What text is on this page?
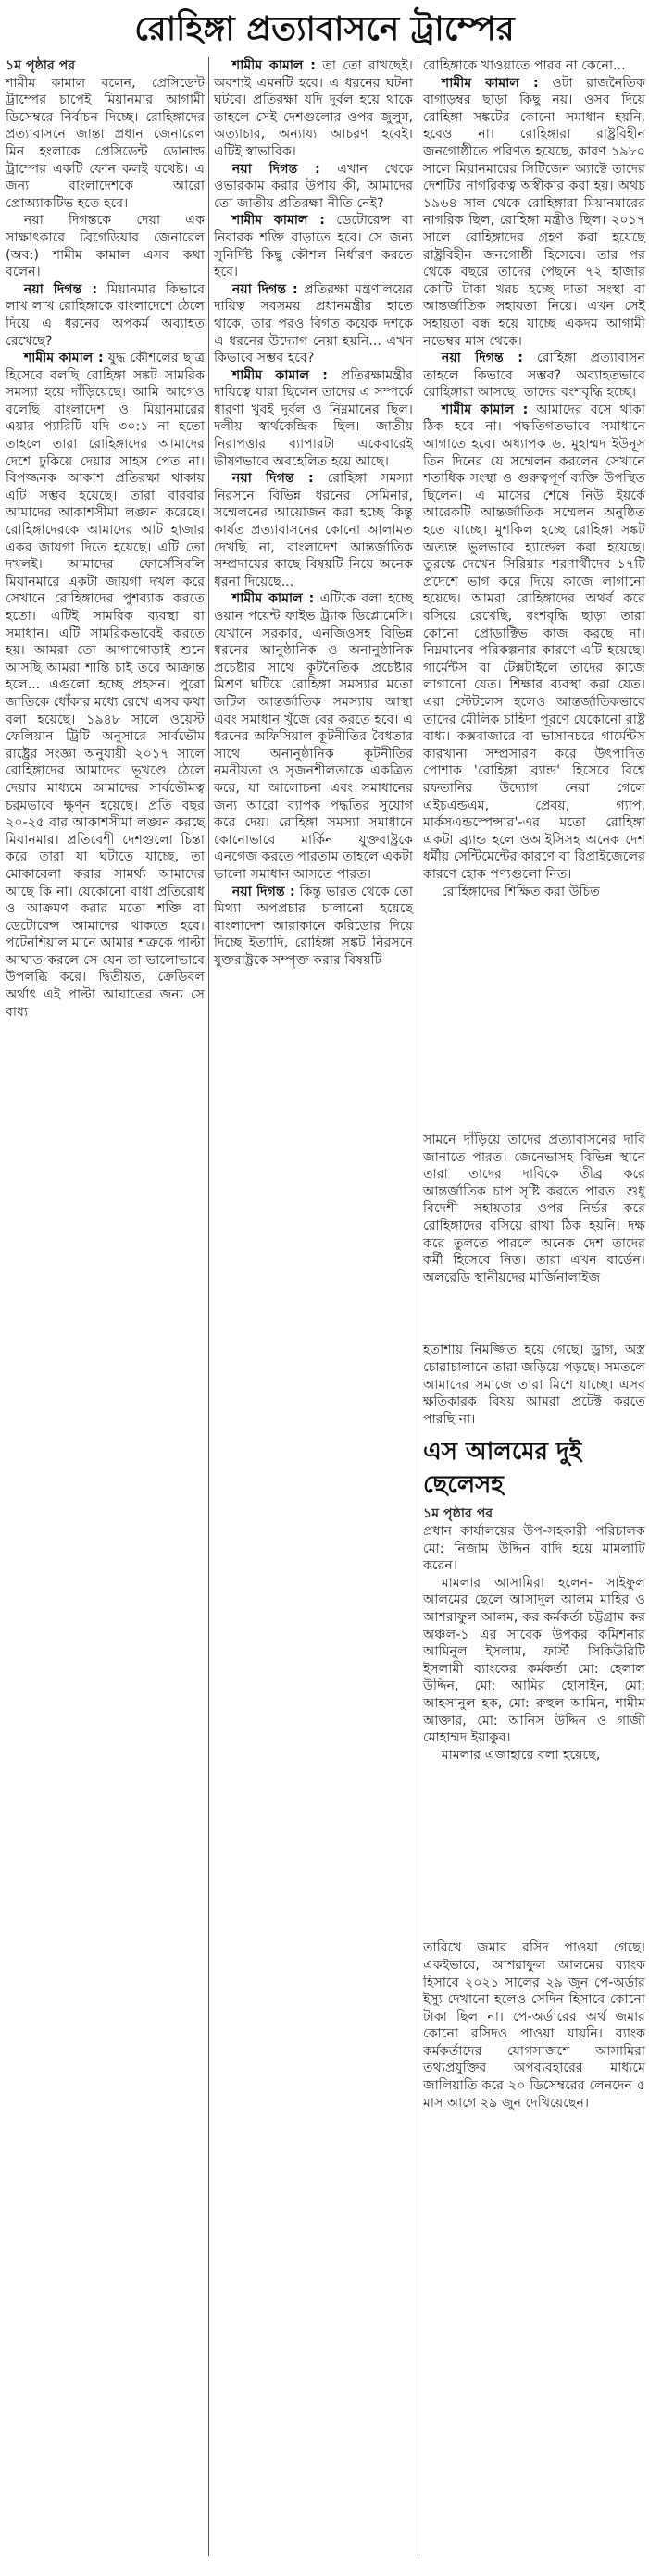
রোহিঙ্গা প্রত্যাবাসনে ট্রাম্পের

১ম পৃষ্ঠার পর

শামীম কামাল বলেন, প্রেসিডেন্ট ট্রাম্পের চাপেই মিয়ানমার আগামী ডিসেম্বরে নির্বাচন দিচ্ছে। রোহিঙ্গাদের প্রত্যাবাসনে জান্তা প্রধান জেনারেল মিন হংলাকে প্রেসিডেন্ট ডোনাল্ড ট্রাম্পের একটি ফোন কলই যথেষ্ট। এ জন্য বাংলাদেশকে আরো প্রোঅ্যাকটিভ হতে হবে।

নয়া দিগন্তকে দেয়া এক সাক্ষাৎকারে ব্রিগেডিয়ার জেনারেল (অব:) শামীম কামাল এসব কথা বলেন।

নয়া দিগন্ত : মিয়ানমার কিভাবে লাখ লাখ রোহিঙ্গাকে বাংলাদেশে ঠেলে দিয়ে এ ধরনের অপকর্ম অব্যাহত রেখেছে?

শামীম কামাল : যুদ্ধ কৌশলের ছাত্র হিসেবে বলছি রোহিঙ্গা সঙ্কট সামরিক সমস্যা হয়ে দাঁড়িয়েছে। আমি আগেও বলেছি বাংলাদেশ ও মিয়ানমারের এয়ার প্যারিটি যদি ৩০:১ না হতো তাহলে তারা রোহিঙ্গাদের আমাদের দেশে ঢুকিয়ে দেয়ার সাহস পেত না। বিপজ্জনক আকাশ প্রতিরক্ষা থাকায় এটি সম্ভব হয়েছে। তারা বারবার আমাদের আকাশসীমা লঙ্ঘন করেছে। রোহিঙ্গাদেরকে আমাদের আট হাজার একর জায়গা দিতে হয়েছে। এটি তো দখলই। আমাদের ফোর্সেসিবলি মিয়ানমারে একটা জায়গা দখল করে সেখানে রোহিঙ্গাদের পুশব্যাক করতে হতো। এটিই সামরিক ব্যবস্থা বা সমাধান। এটি সামরিকভাবেই করতে হয়। আমরা তো আগাগোড়াই শুনে আসছি আমরা শান্তি চাই তবে আক্রান্ত হলে... এগুলো হচ্ছে প্রহসন। পুরো জাতিকে ধোঁকার মধ্যে রেখে এসব কথা বলা হয়েছে। ১৯৪৮ সালে ওয়েস্ট ফেলিয়ান ট্রিটি অনুসারে সার্বভৌম রাষ্ট্রের সংজ্ঞা অনুযায়ী ২০১৭ সালে রোহিঙ্গাদের আমাদের ভূখণ্ডে ঠেলে দেয়ার মাধ্যমে আমাদের সার্বভৌমত্ব চরমভাবে ক্ষুণ্ন হয়েছে। প্রতি বছর ২০-২৫ বার আকাশসীমা লঙ্ঘন করছে মিয়ানমার। প্রতিবেশী দেশগুলো চিন্তা করে তারা যা ঘটাতে যাচ্ছে, তা মোকাবেলা করার সামর্থ্য আমাদের আছে কি না। যেকোনো বাধা প্রতিরোধ ও আক্রমণ করার মতো শক্তি বা ডেটোরেন্স আমাদের থাকতে হবে। পটেনশিয়াল মানে আমার শত্রুকে পাল্টা আঘাত করলে সে যেন তা ভালোভাবে উপলব্ধি করে। দ্বিতীয়ত, ক্রেডিবল অর্থাৎ এই পাল্টা আঘাতের জন্য সে বাধ্য

শামীম কামাল : তা তো রাখছেই। অবশ্যই এমনটি হবে। এ ধরনের ঘটনা ঘটবে। প্রতিরক্ষা যদি দুর্বল হয়ে থাকে তাহলে সেই দেশগুলোর ওপর জুলুম, অত্যাচার, অন্যায্য আচরণ হবেই। এটিই স্বাভাবিক।

নয়া দিগন্ত : এখান থেকে ওভারকাম করার উপায় কী, আমাদের তো জাতীয় প্রতিরক্ষা নীতি নেই?

শামীম কামাল : ডেটোরেন্স বা নিবারক শক্তি বাড়াতে হবে। সে জন্য সুনির্দিষ্ট কিছু কৌশল নির্ধারণ করতে হবে।

নয়া দিগন্ত : প্রতিরক্ষা মন্ত্রণালয়ের দায়িত্ব সবসময় প্রধানমন্ত্রীর হাতে থাকে, তার পরও বিগত কয়েক দশকে এ ধরনের উদ্যোগ নেয়া হয়নি... এখন কিভাবে সম্ভব হবে?

শামীম কামাল : প্রতিরক্ষামন্ত্রীর দায়িত্বে যারা ছিলেন তাদের এ সম্পর্কে ধারণা খুবই দুর্বল ও নিম্নমানের ছিল। দলীয় স্বার্থকেন্দ্রিক ছিল। জাতীয় নিরাপত্তার ব্যাপারটা একেবারেই ভীষণভাবে অবহেলিত হয়ে আছে।

নয়া দিগন্ত : রোহিঙ্গা সমস্যা নিরসনে বিভিন্ন ধরনের সেমিনার, সম্মেলনের আয়োজন করা হচ্ছে কিন্তু কার্যত প্রত্যাবাসনের কোনো আলামত দেখছি না, বাংলাদেশ আন্তর্জাতিক সম্প্রদায়ের কাছে বিষয়টি নিয়ে অনেক ধরনা দিয়েছে...

শামীম কামাল : এটিকে বলা হচ্ছে ওয়ান পয়েন্ট ফাইভ ট্র্যাক ডিপ্লোমেসি। যেখানে সরকার, এনজিওসহ বিভিন্ন ধরনের আনুষ্ঠানিক ও অনানুষ্ঠানিক প্রচেষ্টার সাথে কূটনৈতিক প্রচেষ্টার মিশ্রণ ঘটিয়ে রোহিঙ্গা সমস্যার মতো জটিল আন্তর্জাতিক সমস্যায় আস্থা এবং সমাধান খুঁজে বের করতে হবে। এ ধরনের অফিসিয়াল কূটনীতির বৈধতার সাথে অনানুষ্ঠানিক কূটনীতির নমনীয়তা ও সৃজনশীলতাকে একত্রিত করে, যা আলোচনা এবং সমাধানের জন্য আরো ব্যাপক পদ্ধতির সুযোগ করে দেয়। রোহিঙ্গা সমস্যা সমাধানে কোনোভাবে মার্কিন যুক্তরাষ্ট্রকে এনগেজ করতে পারতাম তাহলে একটা ভালো সমাধান আসতে পারত।

নয়া দিগন্ত : কিন্তু ভারত থেকে তো মিথ্যা অপপ্রচার চালানো হয়েছে বাংলাদেশ আরাকানে করিডোর দিয়ে দিচ্ছে ইত্যাদি, রোহিঙ্গা সঙ্কট নিরসনে যুক্তরাষ্ট্রকে সম্পৃক্ত করার বিষয়টি

রোহিঙ্গাকে খাওয়াতে পারব না কেনো...

শামীম কামাল : ওটা রাজনৈতিক বাগাড়ম্বর ছাড়া কিছু নয়। ওসব দিয়ে রোহিঙ্গা সঙ্কটের কোনো সমাধান হয়নি, হবেও না। রোহিঙ্গারা রাষ্ট্রবিহীন জনগোষ্ঠীতে পরিণত হয়েছে, কারণ ১৯৮০ সালে মিয়ানমারের সিটিজেন অ্যাক্টে তাদের দেশটির নাগরিকত্ব অস্বীকার করা হয়। অথচ ১৯৬৪ সাল থেকে রোহিঙ্গারা মিয়ানমারের নাগরিক ছিল, রোহিঙ্গা মন্ত্রীও ছিল। ২০১৭ সালে রোহিঙ্গাদের গ্রহণ করা হয়েছে রাষ্ট্রবিহীন জনগোষ্ঠী হিসেবে। তার পর থেকে বছরে তাদের পেছনে ৭২ হাজার কোটি টাকা খরচ হচ্ছে দাতা সংস্থা বা আন্তর্জাতিক সহায়তা নিয়ে। এখন সেই সহায়তা বন্ধ হয়ে যাচ্ছে একদম আগামী নভেম্বর মাস থেকে।

নয়া দিগন্ত : রোহিঙ্গা প্রত্যাবাসন তাহলে কিভাবে সম্ভব? অব্যাহতভাবে রোহিঙ্গারা আসছে। তাদের বংশবৃদ্ধি হচ্ছে।

শামীম কামাল : আমাদের বসে থাকা ঠিক হবে না। পদ্ধতিগতভাবে সমাধানে আগাতে হবে। অধ্যাপক ড. মুহাম্মদ ইউনূস তিন দিনের যে সম্মেলন করলেন সেখানে শতাধিক সংস্থা ও গুরুত্বপূর্ণ ব্যক্তি উপস্থিত ছিলেন। এ মাসের শেষে নিউ ইয়র্কে আরেকটি আন্তর্জাতিক সম্মেলন অনুষ্ঠিত হতে যাচ্ছে। মুশকিল হচ্ছে রোহিঙ্গা সঙ্কট অত্যন্ত ভুলভাবে হ্যান্ডেল করা হয়েছে। তুরস্কে দেখেন সিরিয়ার শরণার্থীদের ১৭টি প্রদেশে ভাগ করে দিয়ে কাজে লাগানো হয়েছে। আমরা রোহিঙ্গাদের অথর্ব করে বসিয়ে রেখেছি, বংশবৃদ্ধি ছাড়া তারা কোনো প্রোডাক্টিভ কাজ করছে না। নিম্নমানের পরিকল্পনার কারণে এটি হয়েছে। গার্মেন্টস বা টেক্সটাইলে তাদের কাজে লাগানো যেত। শিক্ষার ব্যবস্থা করা যেত। এরা স্টেটলেস হলেও আন্তর্জাতিকভাবে তাদের মৌলিক চাহিদা পূরণে যেকোনো রাষ্ট্র বাধ্য। কক্সবাজারে বা ভাসানচরে গার্মেন্টস কারখানা সম্প্রসারণ করে উৎপাদিত পোশাক 'রোহিঙ্গা ব্র্যান্ড' হিসেবে বিশ্বে রফতানির উদ্যোগ নেয়া গেলে এইচএন্ডএম, প্রেবয়, গ্যাপ, মার্কসএন্ডস্পেন্সার'-এর মতো রোহিঙ্গা একটা ব্র্যান্ড হলে ওআইসিসহ অনেক দেশ ধর্মীয় সেন্টিমেন্টের কারণে বা রিপ্রাইজেলের কারণে হোক পণ্যগুলো নিত।

রোহিঙ্গাদের শিক্ষিত করা উচিত

সামনে দাঁড়িয়ে তাদের প্রত্যাবাসনের দাবি জানাতে পারত। জেনেভাসহ বিভিন্ন স্থানে তারা তাদের দাবিকে তীব্র করে আন্তর্জাতিক চাপ সৃষ্টি করতে পারত। শুধু বিদেশী সহায়তার ওপর নির্ভর করে রোহিঙ্গাদের বসিয়ে রাখা ঠিক হয়নি। দক্ষ করে তুলতে পারলে অনেক দেশ তাদের কর্মী হিসেবে নিত। তারা এখন বার্ডেন। অলরেডি স্থানীয়দের মার্জিনালাইজ

হতাশায় নিমজ্জিত হয়ে গেছে। ড্রাগ, অস্ত্র চোরাচালানে তারা জড়িয়ে পড়ছে। সমতলে আমাদের সমাজে তারা মিশে যাচ্ছে। এসব ক্ষতিকারক বিষয় আমরা প্রটেক্ট করতে পারছি না।

এস আলমের দুই ছেলেসহ

১ম পৃষ্ঠার পর

প্রধান কার্যালয়ের উপ-সহকারী পরিচালক মো: নিজাম উদ্দিন বাদি হয়ে মামলাটি করেন।

মামলার আসামিরা হলেন- সাইফুল আলমের ছেলে আসাদুল আলম মাহির ও আশরাফুল আলম, কর কর্মকর্তা চট্টগ্রাম কর অঞ্চল-১ এর সাবেক উপকর কমিশনার আমিনুল ইসলাম, ফার্স্ট সিকিউরিটি ইসলামী ব্যাংকের কর্মকর্তা মো: হেলাল উদ্দিন, মো: আমির হোসাইন, মো: আহসানুল হক, মো: রুহুল আমিন, শামীম আক্তার, মো: আনিস উদ্দিন ও গাজী মোহাম্মদ ইয়াকুব।

মামলার এজাহারে বলা হয়েছে,

তারিখে জমার রসিদ পাওয়া গেছে। একইভাবে, আশরাফুল আলমের ব্যাংক হিসাবে ২০২১ সালের ২৯ জুন পে-অর্ডার ইস্যু দেখানো হলেও সেদিন হিসাবে কোনো টাকা ছিল না। পে-অর্ডারের অর্থ জমার কোনো রসিদও পাওয়া যায়নি। ব্যাংক কর্মকর্তাদের যোগসাজশে আসামিরা তথ্যপ্রযুক্তির অপব্যবহারের মাধ্যমে জালিয়াতি করে ২০ ডিসেম্বরের লেনদেন ৫ মাস আগে ২৯ জুন দেখিয়েছেন।
